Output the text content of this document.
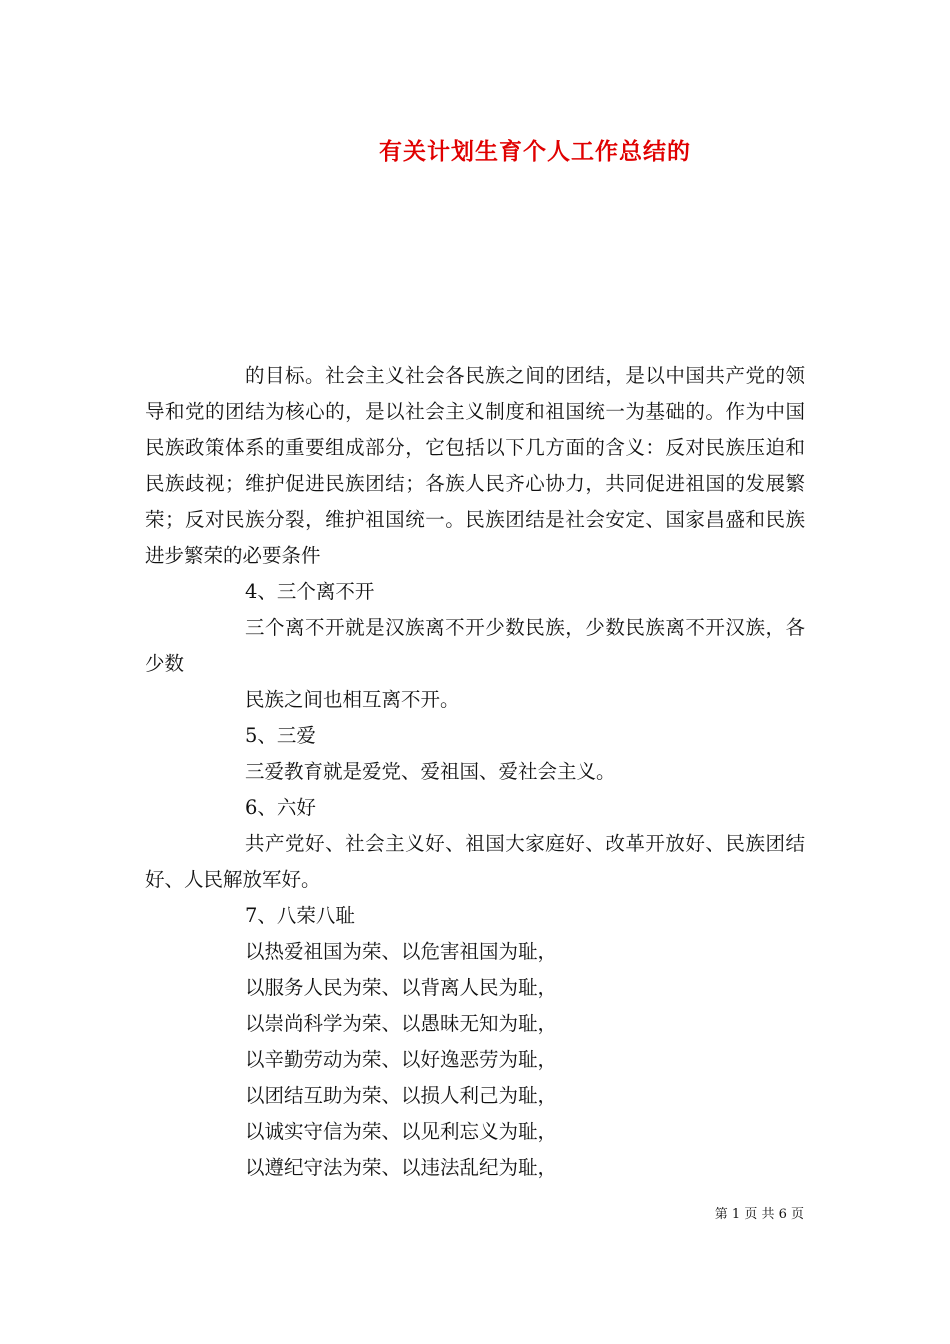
有关计划生育个人工作总结的

的目标。社会主义社会各民族之间的团结，是以中国共产党的领导和党的团结为核心的，是以社会主义制度和祖国统一为基础的。作为中国民族政策体系的重要组成部分，它包括以下几方面的含义：反对民族压迫和民族歧视；维护促进民族团结；各族人民齐心协力，共同促进祖国的发展繁荣；反对民族分裂，维护祖国统一。民族团结是社会安定、国家昌盛和民族进步繁荣的必要条件

4、三个离不开

三个离不开就是汉族离不开少数民族，少数民族离不开汉族，各少数

民族之间也相互离不开。

5、三爱

三爱教育就是爱党、爱祖国、爱社会主义。

6、六好

共产党好、社会主义好、祖国大家庭好、改革开放好、民族团结好、人民解放军好。

7、八荣八耻

以热爱祖国为荣、以危害祖国为耻，

以服务人民为荣、以背离人民为耻，

以崇尚科学为荣、以愚昧无知为耻，

以辛勤劳动为荣、以好逸恶劳为耻，

以团结互助为荣、以损人利己为耻，

以诚实守信为荣、以见利忘义为耻，

以遵纪守法为荣、以违法乱纪为耻，

第 1 页 共 6 页
